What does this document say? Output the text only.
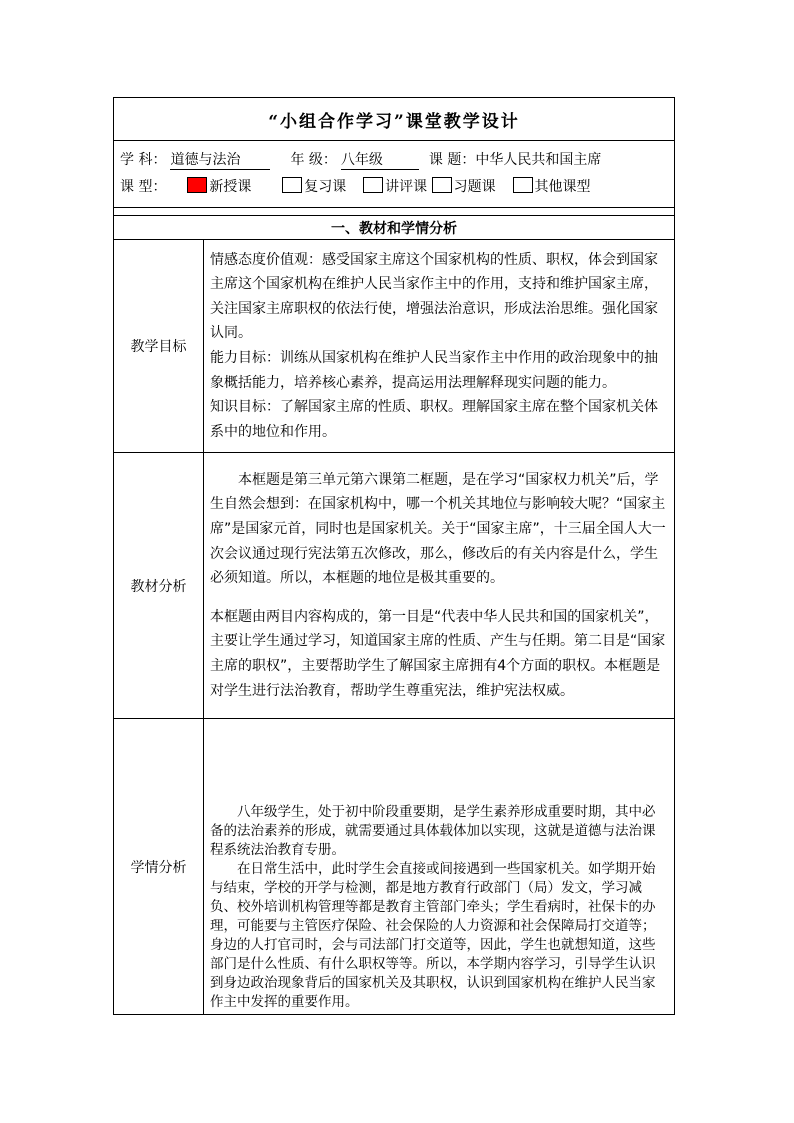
“小组合作学习”课堂教学设计	

学 科： 道德与法治 年 级： 八年级 课 题：中华人民共和国主席
课 型： 新授课 复习课 讲评课 习题课 其他课型	

一、教材和学情分析	
教学目标	情感态度价值观：感受国家主席这个国家机构的性质、职权，体会到国家主席这个国家机构在维护人民当家作主中的作用，支持和维护国家主席，关注国家主席职权的依法行使，增强法治意识，形成法治思维。强化国家认同。

能力目标：训练从国家机构在维护人民当家作主中作用的政治现象中的抽象概括能力，培养核心素养，提高运用法理解释现实问题的能力。

知识目标：了解国家主席的性质、职权。理解国家主席在整个国家机关体系中的地位和作用。

教材分析	本框题是第三单元第六课第二框题，是在学习“国家权力机关”后，学生自然会想到：在国家机构中，哪一个机关其地位与影响较大呢？“国家主席”是国家元首，同时也是国家机关。关于“国家主席”，十三届全国人大一次会议通过现行宪法第五次修改，那么，修改后的有关内容是什么，学生必须知道。所以，本框题的地位是极其重要的。

本框题由两目内容构成的，第一目是“代表中华人民共和国的国家机关”，主要让学生通过学习，知道国家主席的性质、产生与任期。第二目是“国家主席的职权”，主要帮助学生了解国家主席拥有4个方面的职权。本框题是对学生进行法治教育，帮助学生尊重宪法，维护宪法权威。

学情分析	八年级学生，处于初中阶段重要期，是学生素养形成重要时期，其中必备的法治素养的形成，就需要通过具体载体加以实现，这就是道德与法治课程系统法治教育专册。

在日常生活中，此时学生会直接或间接遇到一些国家机关。如学期开始与结束，学校的开学与检测，都是地方教育行政部门（局）发文，学习减负、校外培训机构管理等都是教育主管部门牵头；学生看病时，社保卡的办理，可能要与主管医疗保险、社会保险的人力资源和社会保障局打交道等；身边的人打官司时，会与司法部门打交道等，因此，学生也就想知道，这些部门是什么性质、有什么职权等等。所以，本学期内容学习，引导学生认识到身边政治现象背后的国家机关及其职权，认识到国家机构在维护人民当家作主中发挥的重要作用。
